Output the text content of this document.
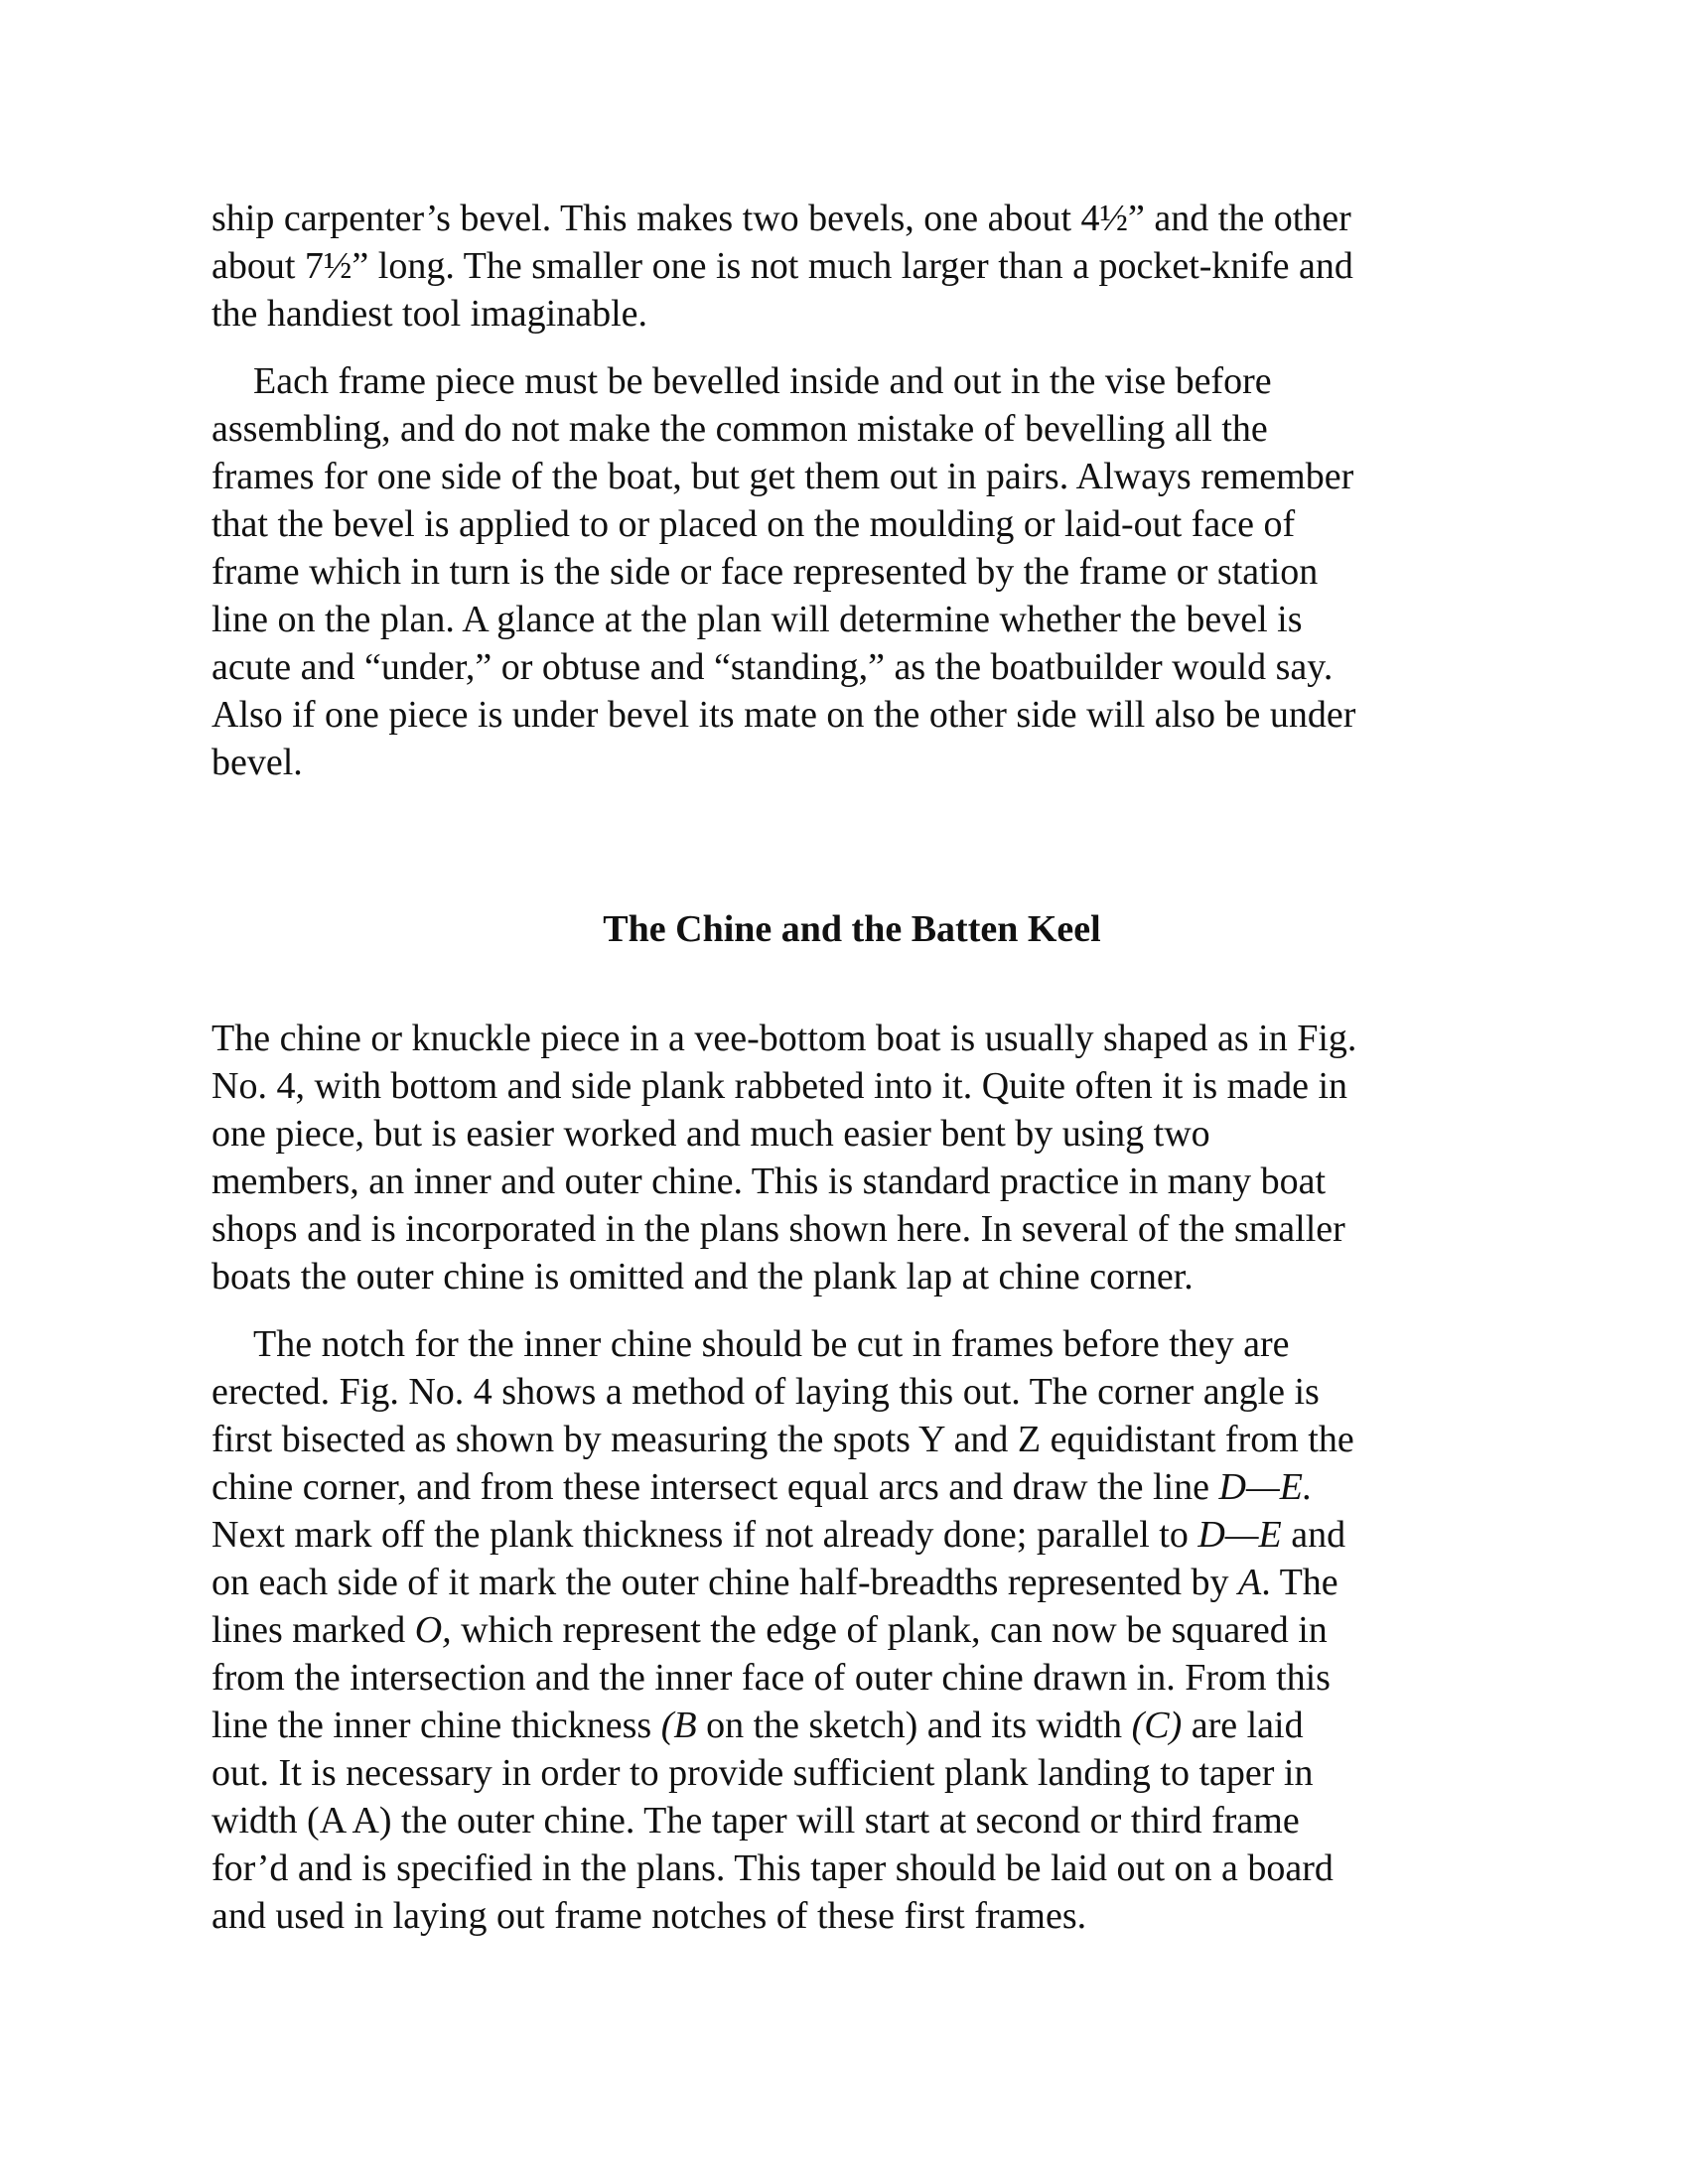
ship carpenter’s bevel. This makes two bevels, one about 4½” and the other
about 7½” long. The smaller one is not much larger than a pocket-knife and
the handiest tool imaginable.

Each frame piece must be bevelled inside and out in the vise before
assembling, and do not make the common mistake of bevelling all the
frames for one side of the boat, but get them out in pairs. Always remember
that the bevel is applied to or placed on the moulding or laid-out face of
frame which in turn is the side or face represented by the frame or station
line on the plan. A glance at the plan will determine whether the bevel is
acute and “under,” or obtuse and “standing,” as the boatbuilder would say.
Also if one piece is under bevel its mate on the other side will also be under
bevel.

The Chine and the Batten Keel

The chine or knuckle piece in a vee-bottom boat is usually shaped as in Fig.
No. 4, with bottom and side plank rabbeted into it. Quite often it is made in
one piece, but is easier worked and much easier bent by using two
members, an inner and outer chine. This is standard practice in many boat
shops and is incorporated in the plans shown here. In several of the smaller
boats the outer chine is omitted and the plank lap at chine corner.

The notch for the inner chine should be cut in frames before they are
erected. Fig. No. 4 shows a method of laying this out. The corner angle is
first bisected as shown by measuring the spots Y and Z equidistant from the
chine corner, and from these intersect equal arcs and draw the line D—E.
Next mark off the plank thickness if not already done; parallel to D—E and
on each side of it mark the outer chine half-breadths represented by A. The
lines marked O, which represent the edge of plank, can now be squared in
from the intersection and the inner face of outer chine drawn in. From this
line the inner chine thickness (B on the sketch) and its width (C) are laid
out. It is necessary in order to provide sufficient plank landing to taper in
width (A A) the outer chine. The taper will start at second or third frame
for’d and is specified in the plans. This taper should be laid out on a board
and used in laying out frame notches of these first frames.
